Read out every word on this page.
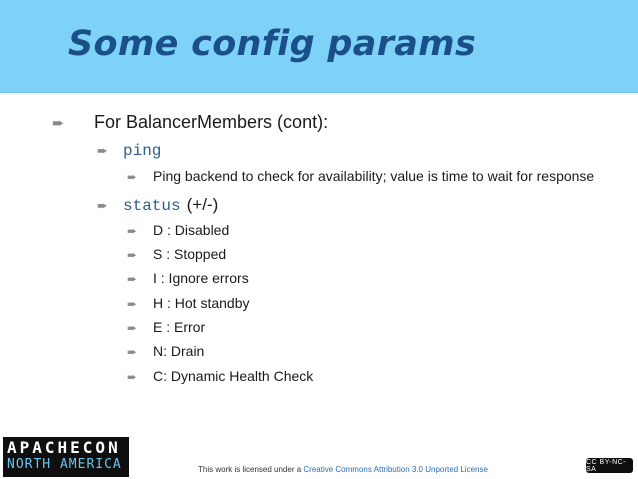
Some config params
➨	For BalancerMembers (cont):
➨ ping
➨	Ping backend to check for availability; value is time to wait for response
➨ status (+/-)
➨	D : Disabled
➨	S : Stopped
➨	I : Ignore errors
➨	H : Hot standby
➨	E : Error
➨	N: Drain
➨	C: Dynamic Health Check
APACHECON
NORTH AMERICA	This work is licensed under a Creative Commons Attribution 3.0 Unported License
CC BY-NC-SA
